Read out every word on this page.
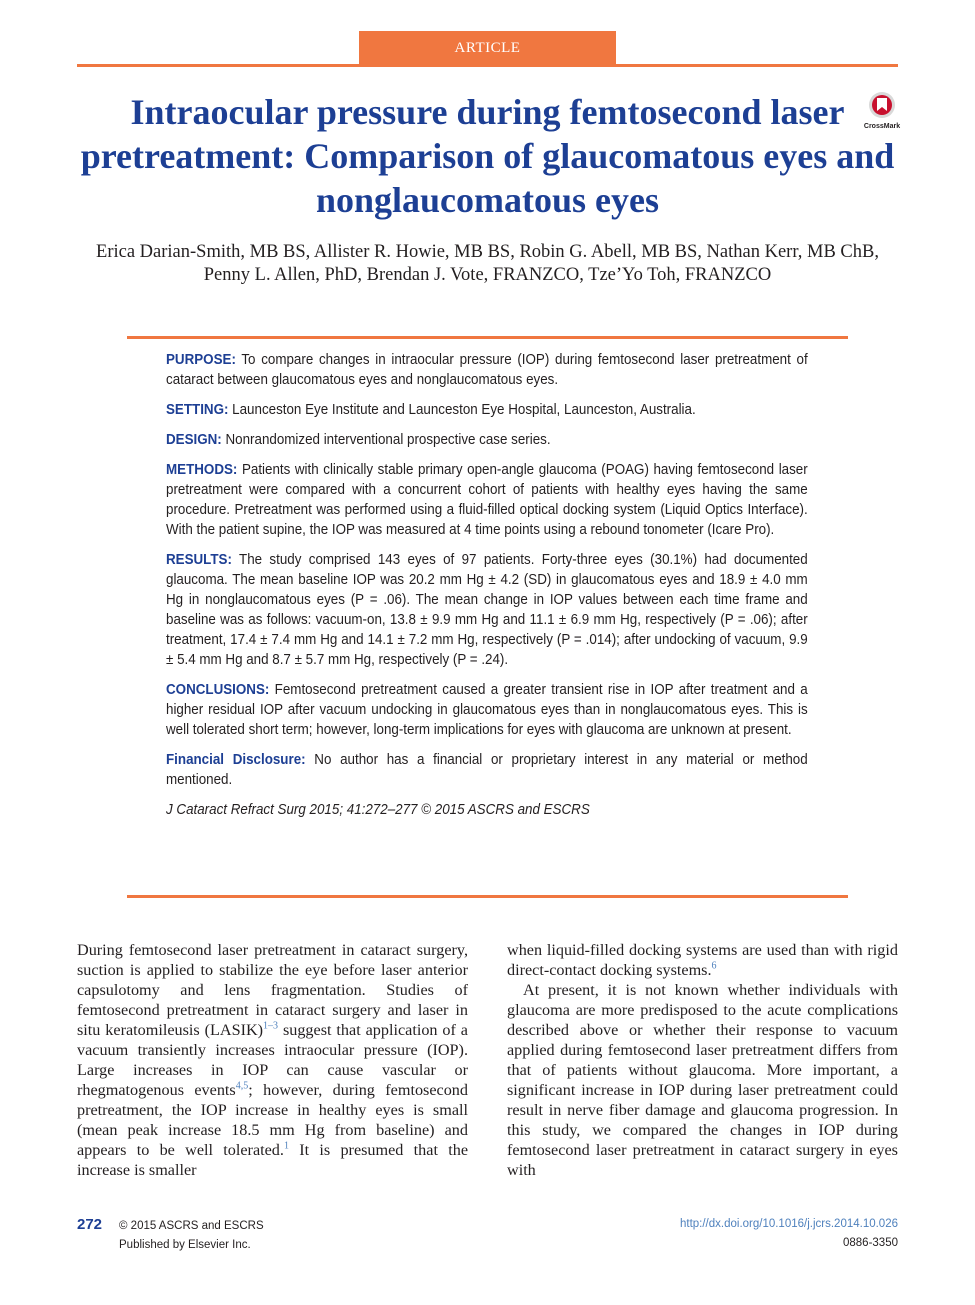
ARTICLE
Intraocular pressure during femtosecond laser pretreatment: Comparison of glaucomatous eyes and nonglaucomatous eyes
CrossMark
Erica Darian-Smith, MB BS, Allister R. Howie, MB BS, Robin G. Abell, MB BS, Nathan Kerr, MB ChB,
Penny L. Allen, PhD, Brendan J. Vote, FRANZCO, Tze’Yo Toh, FRANZCO

PURPOSE: To compare changes in intraocular pressure (IOP) during femtosecond laser pretreatment of cataract between glaucomatous eyes and nonglaucomatous eyes.

SETTING: Launceston Eye Institute and Launceston Eye Hospital, Launceston, Australia.

DESIGN: Nonrandomized interventional prospective case series.

METHODS: Patients with clinically stable primary open-angle glaucoma (POAG) having femtosecond laser pretreatment were compared with a concurrent cohort of patients with healthy eyes having the same procedure. Pretreatment was performed using a fluid-filled optical docking system (Liquid Optics Interface). With the patient supine, the IOP was measured at 4 time points using a rebound tonometer (Icare Pro).

RESULTS: The study comprised 143 eyes of 97 patients. Forty-three eyes (30.1%) had documented glaucoma. The mean baseline IOP was 20.2 mm Hg ± 4.2 (SD) in glaucomatous eyes and 18.9 ± 4.0 mm Hg in nonglaucomatous eyes (P = .06). The mean change in IOP values between each time frame and baseline was as follows: vacuum-on, 13.8 ± 9.9 mm Hg and 11.1 ± 6.9 mm Hg, respectively (P = .06); after treatment, 17.4 ± 7.4 mm Hg and 14.1 ± 7.2 mm Hg, respectively (P = .014); after undocking of vacuum, 9.9 ± 5.4 mm Hg and 8.7 ± 5.7 mm Hg, respectively (P = .24).

CONCLUSIONS: Femtosecond pretreatment caused a greater transient rise in IOP after treatment and a higher residual IOP after vacuum undocking in glaucomatous eyes than in nonglaucomatous eyes. This is well tolerated short term; however, long-term implications for eyes with glaucoma are unknown at present.

Financial Disclosure: No author has a financial or proprietary interest in any material or method mentioned.

J Cataract Refract Surg 2015; 41:272–277 © 2015 ASCRS and ESCRS

During femtosecond laser pretreatment in cataract surgery, suction is applied to stabilize the eye before laser anterior capsulotomy and lens fragmentation. Studies of femtosecond pretreatment in cataract surgery and laser in situ keratomileusis (LASIK)$^{1-3}$ suggest that application of a vacuum transiently increases intraocular pressure (IOP). Large increases in IOP can cause vascular or rhegmatogenous events$^{4,5}$; however, during femtosecond pretreatment, the IOP increase in healthy eyes is small (mean peak increase 18.5 mm Hg from baseline) and appears to be well tolerated.$^1$ It is presumed that the increase is smaller

when liquid-filled docking systems are used than with rigid direct-contact docking systems.$^6$

At present, it is not known whether individuals with glaucoma are more predisposed to the acute complications described above or whether their response to vacuum applied during femtosecond laser pretreatment differs from that of patients without glaucoma. More important, a significant increase in IOP during laser pretreatment could result in nerve fiber damage and glaucoma progression. In this study, we compared the changes in IOP during femtosecond laser pretreatment in cataract surgery in eyes with

272 © 2015 ASCRS and ESCRS
Published by Elsevier Inc.
http://dx.doi.org/10.1016/j.jcrs.2014.10.026
0886-3350
